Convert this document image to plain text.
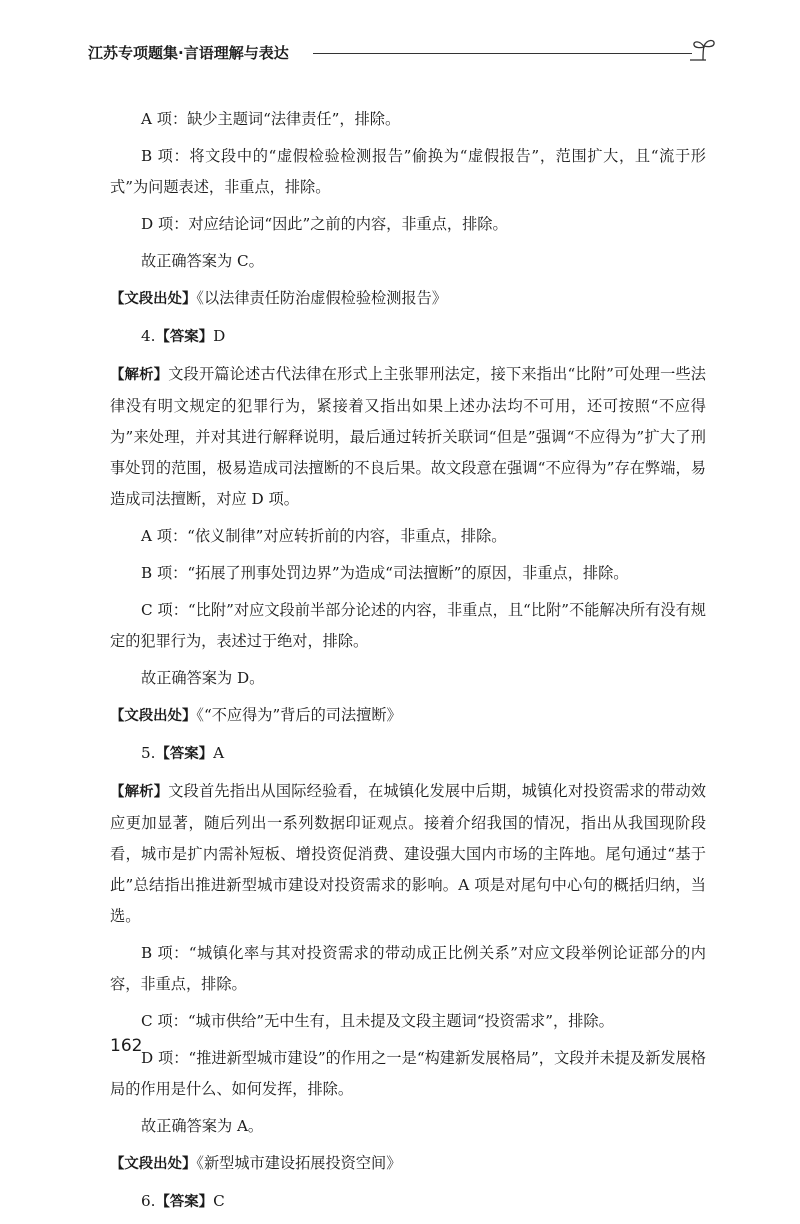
江苏专项题集·言语理解与表达

A 项：缺少主题词“法律责任”，排除。

B 项：将文段中的“虚假检验检测报告”偷换为“虚假报告”，范围扩大，且“流于形式”为问题表述，非重点，排除。

D 项：对应结论词“因此”之前的内容，非重点，排除。

故正确答案为 C。

【文段出处】《以法律责任防治虚假检验检测报告》

4.【答案】D

【解析】文段开篇论述古代法律在形式上主张罪刑法定，接下来指出“比附”可处理一些法律没有明文规定的犯罪行为，紧接着又指出如果上述办法均不可用，还可按照“不应得为”来处理，并对其进行解释说明，最后通过转折关联词“但是”强调“不应得为”扩大了刑事处罚的范围，极易造成司法擅断的不良后果。故文段意在强调“不应得为”存在弊端，易造成司法擅断，对应 D 项。

A 项：“依义制律”对应转折前的内容，非重点，排除。

B 项：“拓展了刑事处罚边界”为造成“司法擅断”的原因，非重点，排除。

C 项：“比附”对应文段前半部分论述的内容，非重点，且“比附”不能解决所有没有规定的犯罪行为，表述过于绝对，排除。

故正确答案为 D。

【文段出处】《“不应得为”背后的司法擅断》

5.【答案】A

【解析】文段首先指出从国际经验看，在城镇化发展中后期，城镇化对投资需求的带动效应更加显著，随后列出一系列数据印证观点。接着介绍我国的情况，指出从我国现阶段看，城市是扩内需补短板、增投资促消费、建设强大国内市场的主阵地。尾句通过“基于此”总结指出推进新型城市建设对投资需求的影响。A 项是对尾句中心句的概括归纳，当选。

B 项：“城镇化率与其对投资需求的带动成正比例关系”对应文段举例论证部分的内容，非重点，排除。

C 项：“城市供给”无中生有，且未提及文段主题词“投资需求”，排除。

D 项：“推进新型城市建设”的作用之一是“构建新发展格局”，文段并未提及新发展格局的作用是什么、如何发挥，排除。

故正确答案为 A。

【文段出处】《新型城市建设拓展投资空间》

6.【答案】C

162
